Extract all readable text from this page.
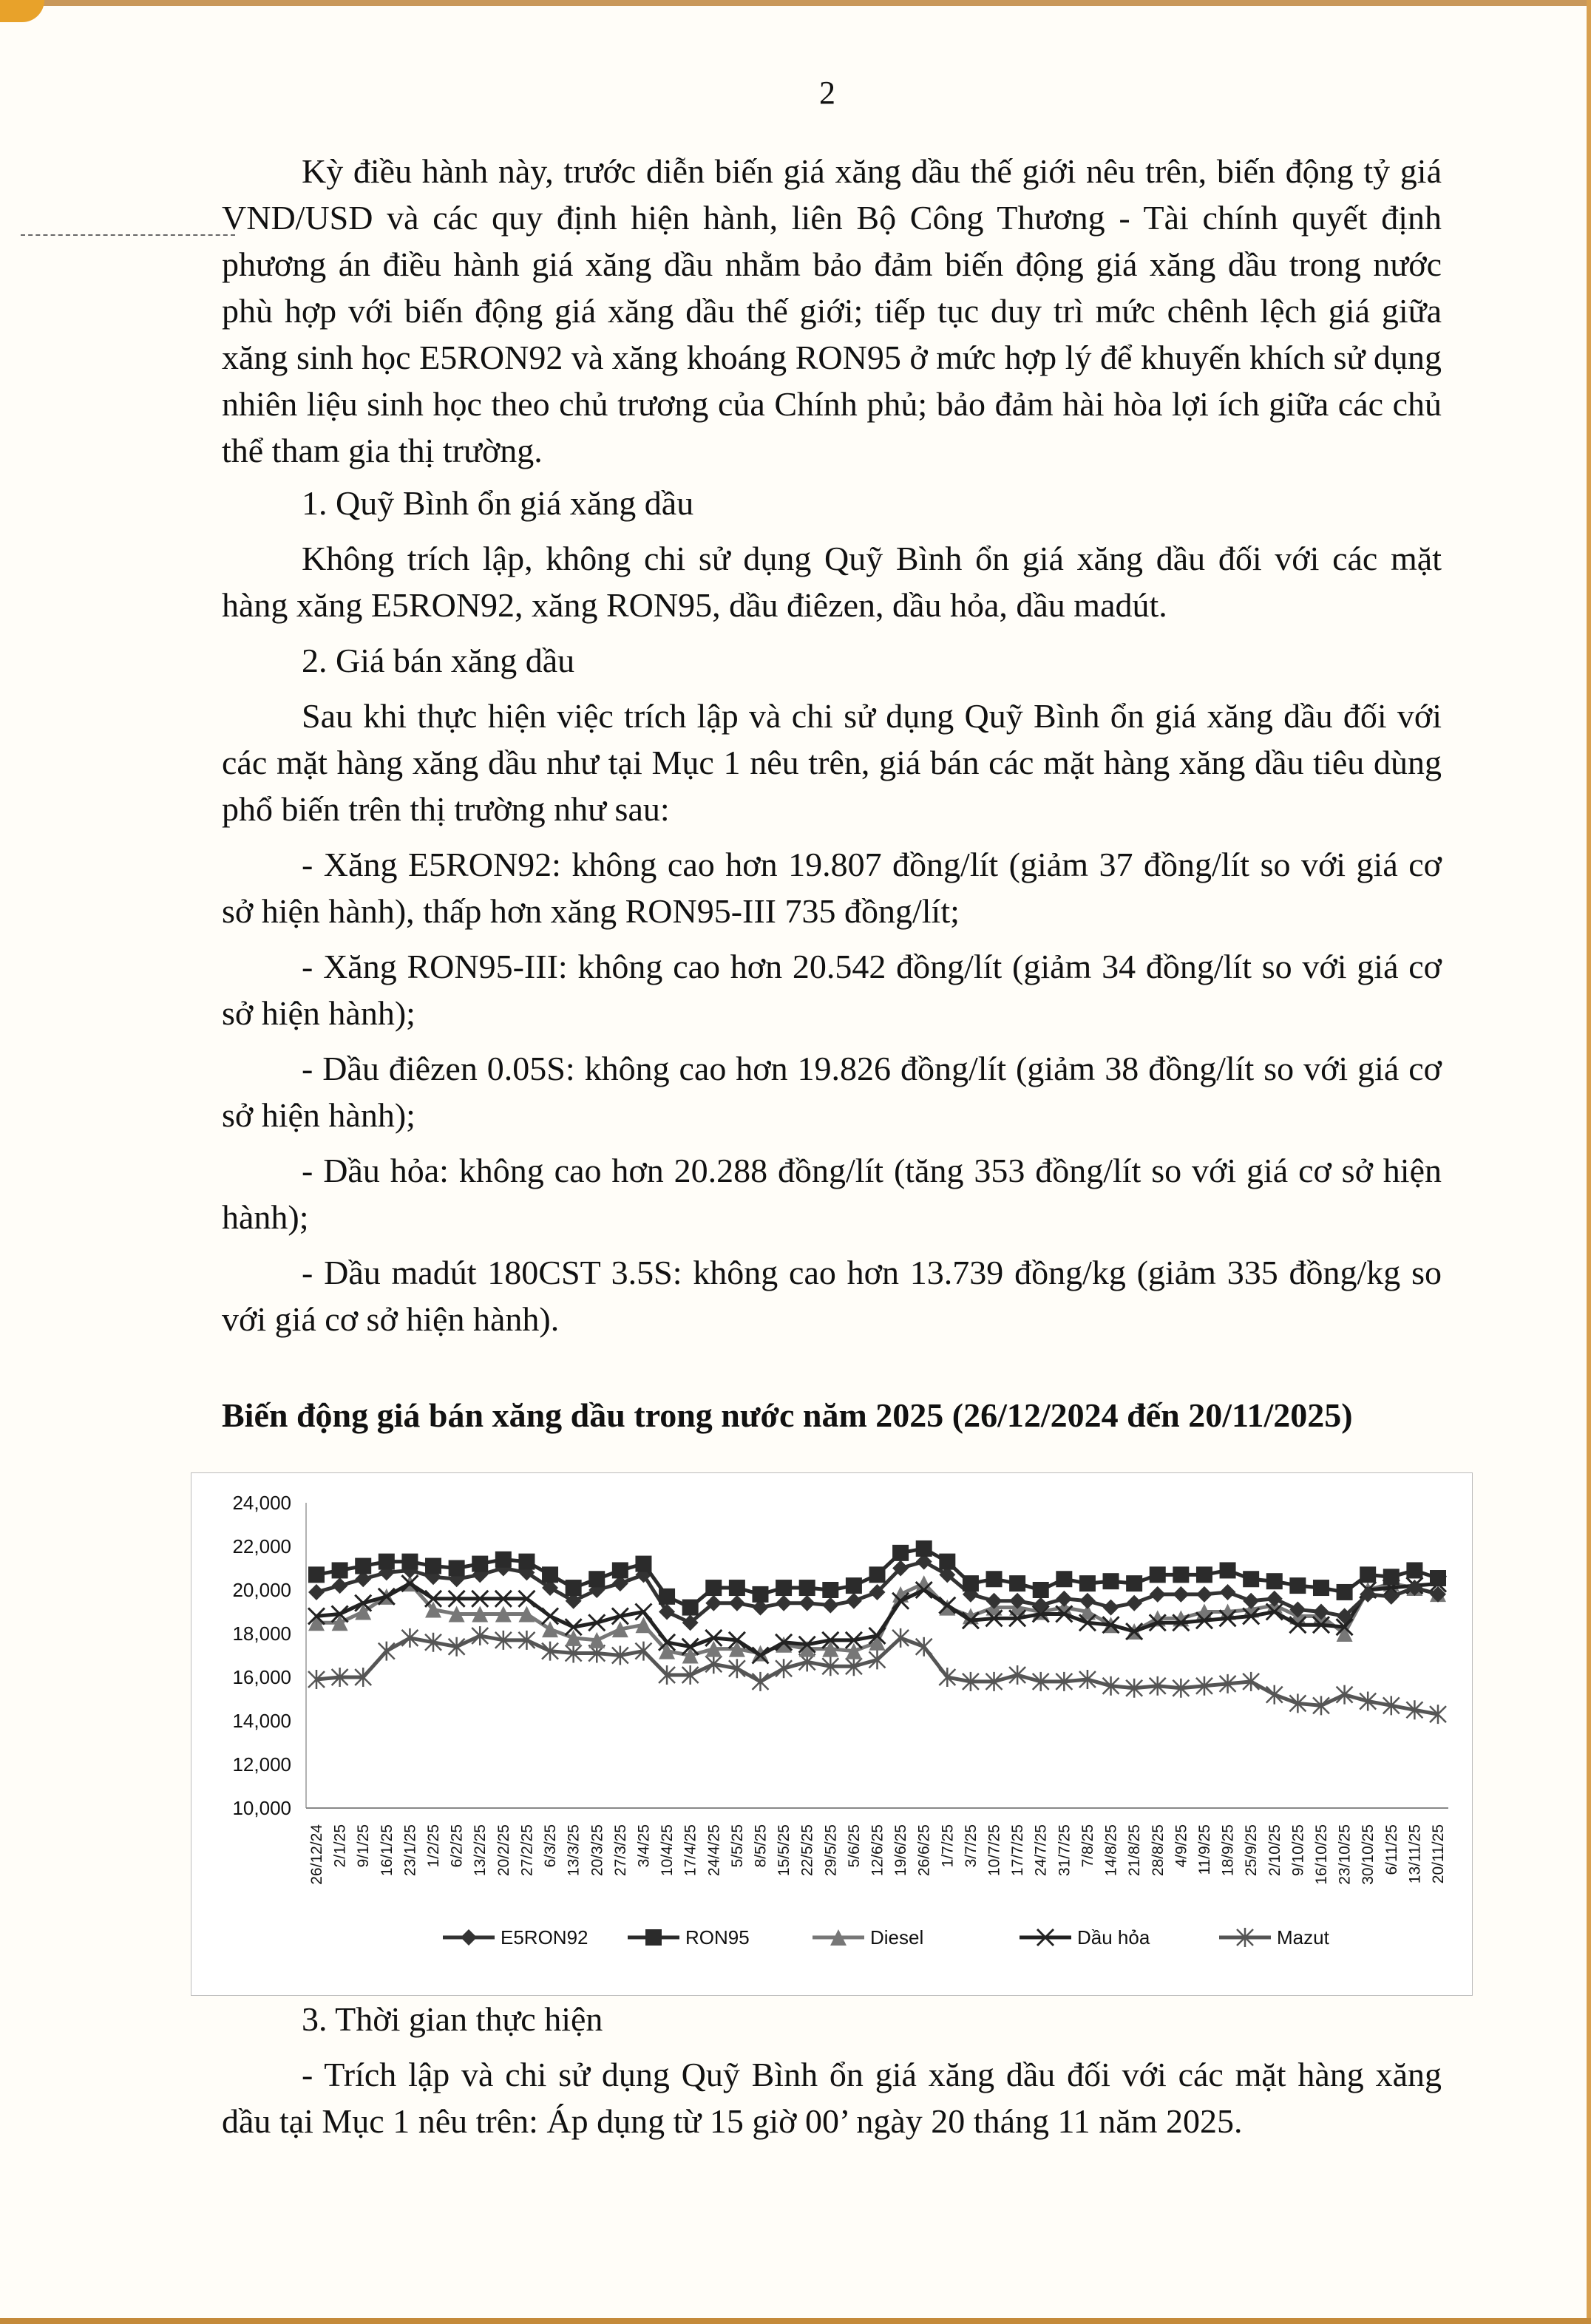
2

Kỳ điều hành này, trước diễn biến giá xăng dầu thế giới nêu trên, biến động tỷ giá VND/USD và các quy định hiện hành, liên Bộ Công Thương - Tài chính quyết định phương án điều hành giá xăng dầu nhằm bảo đảm biến động giá xăng dầu trong nước phù hợp với biến động giá xăng dầu thế giới; tiếp tục duy trì mức chênh lệch giá giữa xăng sinh học E5RON92 và xăng khoáng RON95 ở mức hợp lý để khuyến khích sử dụng nhiên liệu sinh học theo chủ trương của Chính phủ; bảo đảm hài hòa lợi ích giữa các chủ thể tham gia thị trường.

1. Quỹ Bình ổn giá xăng dầu

Không trích lập, không chi sử dụng Quỹ Bình ổn giá xăng dầu đối với các mặt hàng xăng E5RON92, xăng RON95, dầu điêzen, dầu hỏa, dầu madút.

2. Giá bán xăng dầu

Sau khi thực hiện việc trích lập và chi sử dụng Quỹ Bình ổn giá xăng dầu đối với các mặt hàng xăng dầu như tại Mục 1 nêu trên, giá bán các mặt hàng xăng dầu tiêu dùng phổ biến trên thị trường như sau:

- Xăng E5RON92: không cao hơn 19.807 đồng/lít (giảm 37 đồng/lít so với giá cơ sở hiện hành), thấp hơn xăng RON95-III 735 đồng/lít;

- Xăng RON95-III: không cao hơn 20.542 đồng/lít (giảm 34 đồng/lít so với giá cơ sở hiện hành);

- Dầu điêzen 0.05S: không cao hơn 19.826 đồng/lít (giảm 38 đồng/lít so với giá cơ sở hiện hành);

- Dầu hỏa: không cao hơn 20.288 đồng/lít (tăng 353 đồng/lít so với giá cơ sở hiện hành);

- Dầu madút 180CST 3.5S: không cao hơn 13.739 đồng/kg (giảm 335 đồng/kg so với giá cơ sở hiện hành).

Biến động giá bán xăng dầu trong nước năm 2025 (26/12/2024 đến 20/11/2025)
10,000
12,000
14,000
16,000
18,000
20,000
22,000
24,000
26/12/24 2/1/25 9/1/25 16/1/25 23/1/25 1/2/25 6/2/25 13/2/25 20/2/25 27/2/25 6/3/25 13/3/25 20/3/25 27/3/25 3/4/25 10/4/25 17/4/25 24/4/25 5/5/25 8/5/25 15/5/25 22/5/25 29/5/25 5/6/25 12/6/25 19/6/25 26/6/25 1/7/25 3/7/25 10/7/25 17/7/25 24/7/25 31/7/25 7/8/25 14/8/25 21/8/25 28/8/25 4/9/25 11/9/25 18/9/25 25/9/25 2/10/25 9/10/25 16/10/25 23/10/25 30/10/25 6/11/25 13/11/25 20/11/25
E5RON92	RON95	Diesel	Dầu hỏa	Mazut

3. Thời gian thực hiện

- Trích lập và chi sử dụng Quỹ Bình ổn giá xăng dầu đối với các mặt hàng xăng dầu tại Mục 1 nêu trên: Áp dụng từ 15 giờ 00’ ngày 20 tháng 11 năm 2025.
